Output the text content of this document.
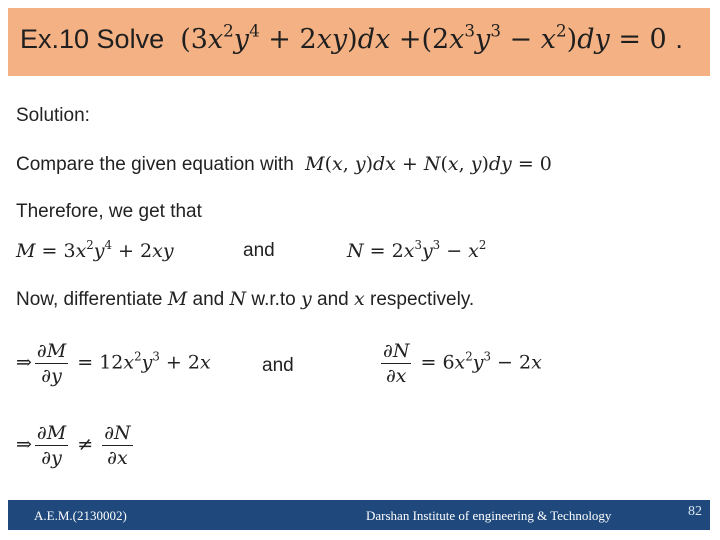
Ex.10 Solve  $(3x^2y^4 + 2xy)dx +(2x^3y^3 - x^2)dy = 0$ .
Solution:
Compare the given equation with M(x, y)dx + N(x, y)dy = 0
Therefore, we get that
$M = 3x^2y^4 + 2xy$	and	$N = 2x^3y^3 - x^2$
Now, differentiate M and N w.r.to y and x respectively.
⇒ $\frac{\partial M}{\partial y} = 12x^2y^3 + 2x$	and	$\frac{\partial N}{\partial x} = 6x^2y^3 - 2x$
⇒ $\frac{\partial M}{\partial y} \ne \frac{\partial N}{\partial x}$
A.E.M.(2130002)	Darshan Institute of engineering & Technology	82
